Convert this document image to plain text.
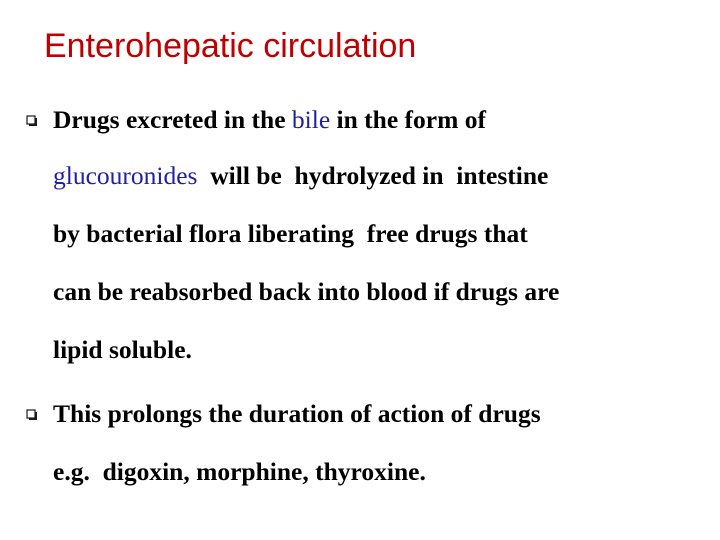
Enterohepatic circulation

Drugs excreted in the bile in the form of

glucouronides  will be  hydrolyzed in  intestine

by bacterial flora liberating  free drugs that

can be reabsorbed back into blood if drugs are

lipid soluble.

This prolongs the duration of action of drugs

e.g.  digoxin, morphine, thyroxine.
